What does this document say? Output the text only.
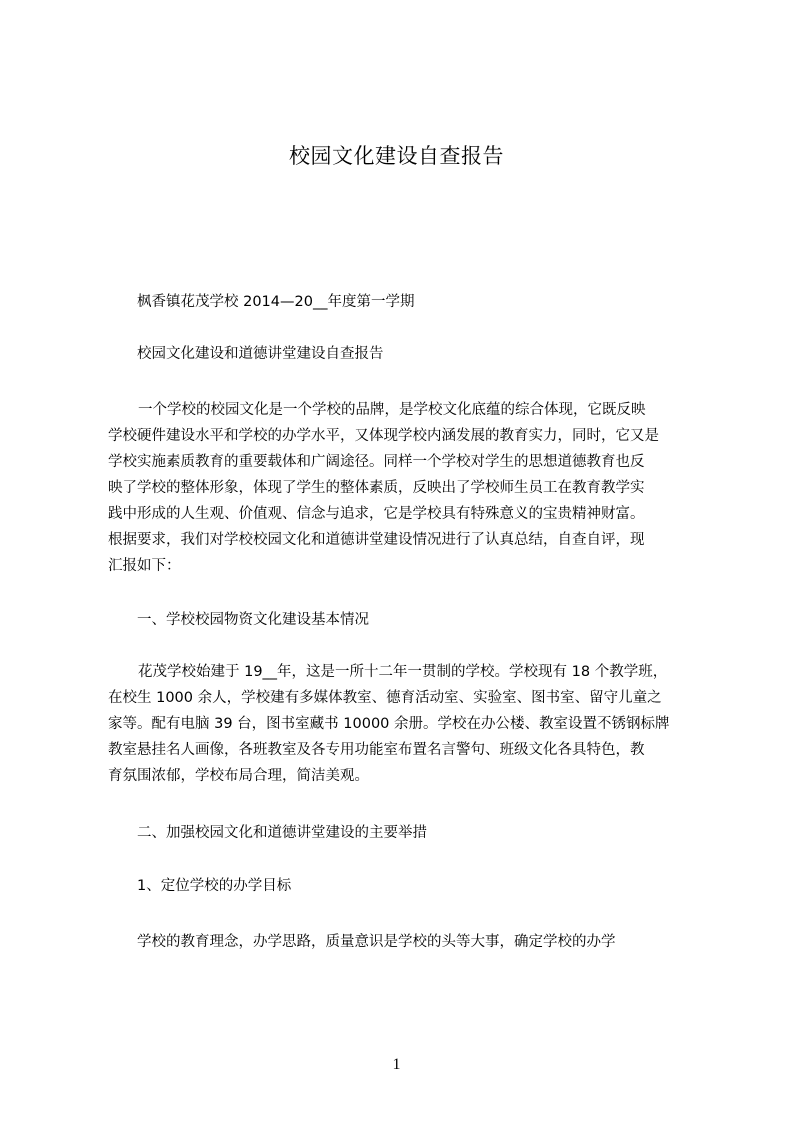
校园文化建设自查报告
枫香镇花茂学校 2014—20__年度第一学期
校园文化建设和道德讲堂建设自查报告
一个学校的校园文化是一个学校的品牌，是学校文化底蕴的综合体现，它既反映
学校硬件建设水平和学校的办学水平，又体现学校内涵发展的教育实力，同时，它又是
学校实施素质教育的重要载体和广阔途径。同样一个学校对学生的思想道德教育也反
映了学校的整体形象，体现了学生的整体素质，反映出了学校师生员工在教育教学实
践中形成的人生观、价值观、信念与追求，它是学校具有特殊意义的宝贵精神财富。
根据要求，我们对学校校园文化和道德讲堂建设情况进行了认真总结，自查自评，现
汇报如下：
一、学校校园物资文化建设基本情况
花茂学校始建于 19__年，这是一所十二年一贯制的学校。学校现有 18 个教学班，
在校生 1000 余人，学校建有多媒体教室、德育活动室、实验室、图书室、留守儿童之
家等。配有电脑 39 台，图书室藏书 10000 余册。学校在办公楼、教室设置不锈钢标牌
教室悬挂名人画像，各班教室及各专用功能室布置名言警句、班级文化各具特色，教
育氛围浓郁，学校布局合理，简洁美观。
二、加强校园文化和道德讲堂建设的主要举措
1、定位学校的办学目标
学校的教育理念，办学思路，质量意识是学校的头等大事，确定学校的办学
1
